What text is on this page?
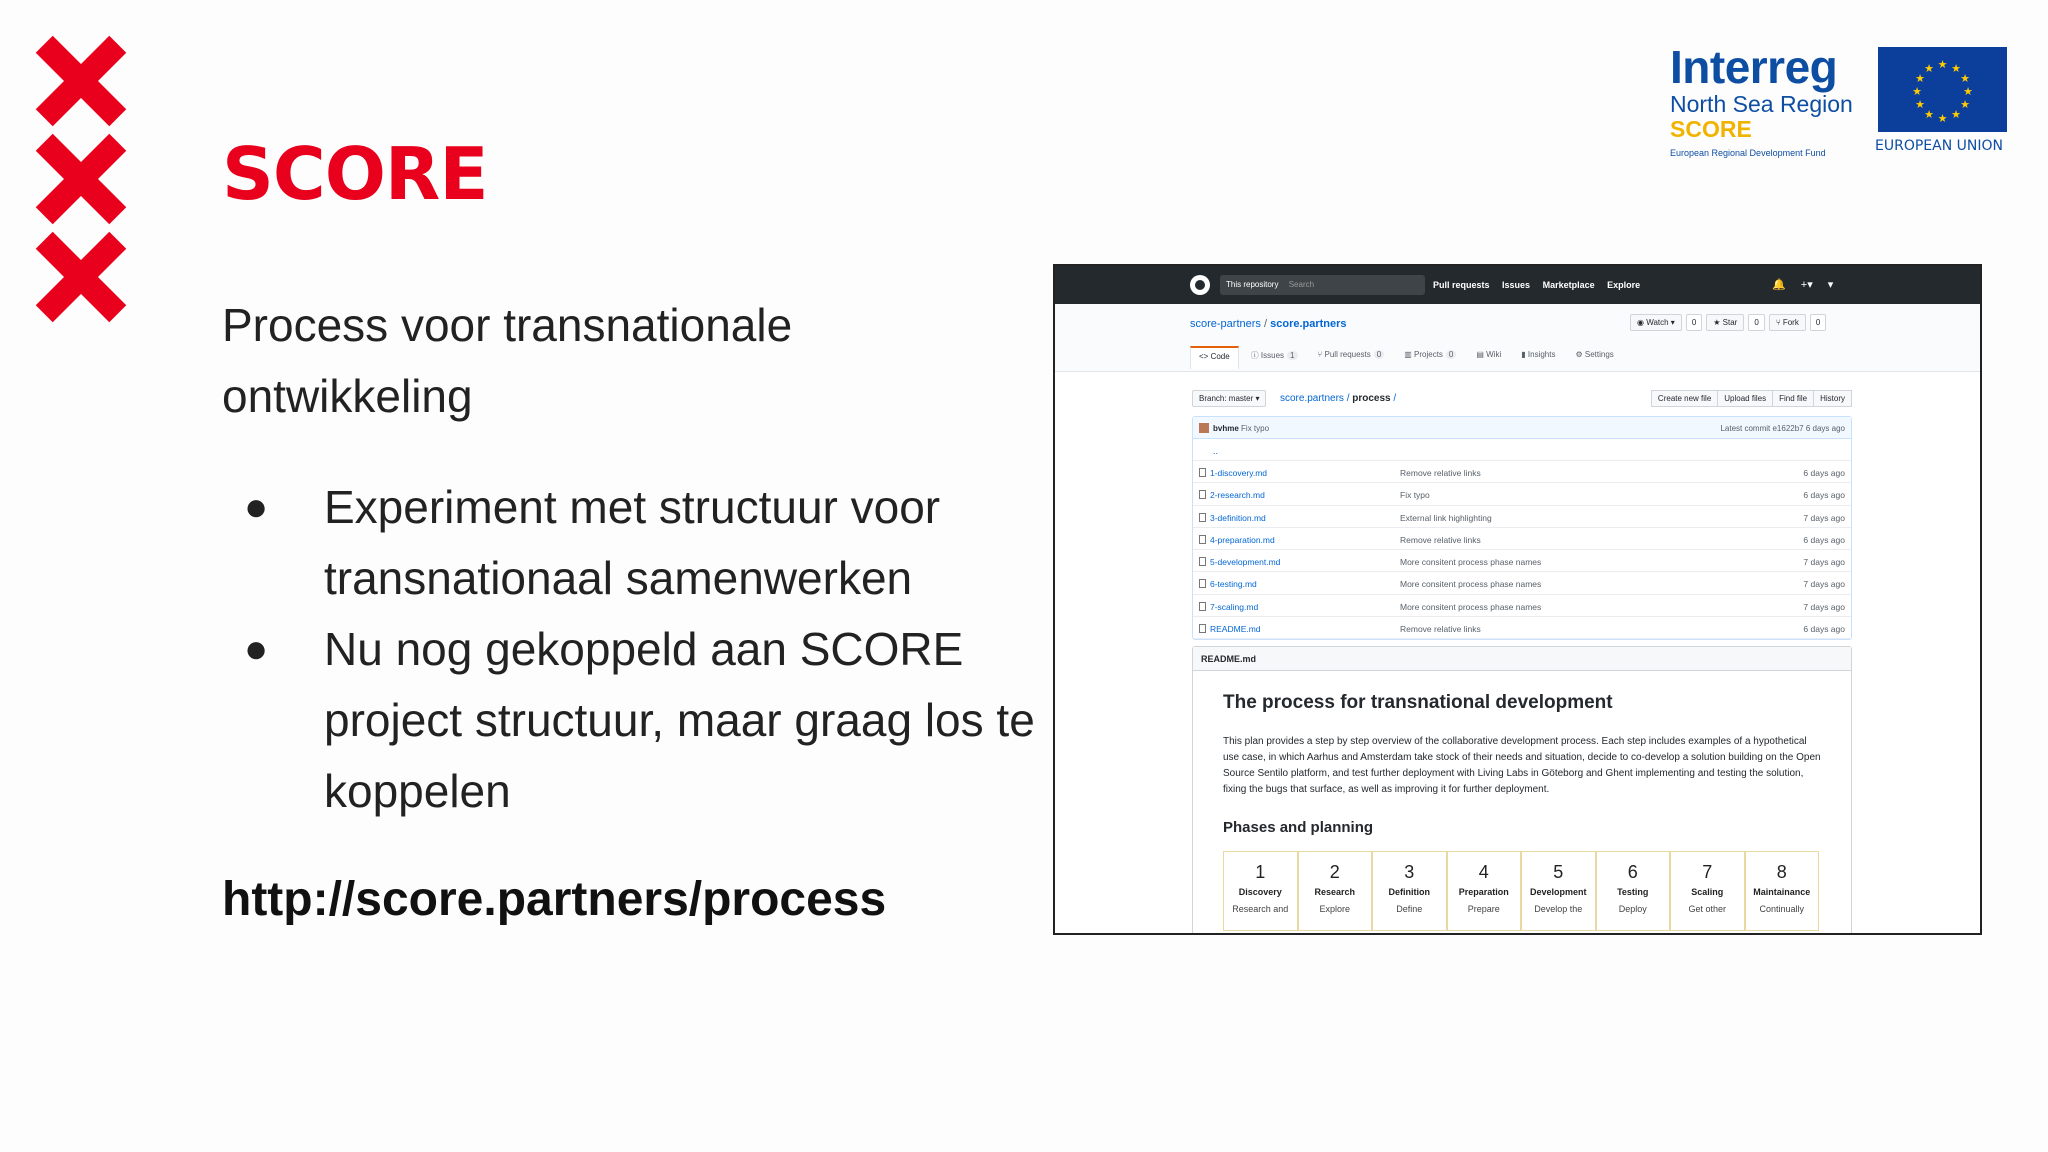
SCORE
Process voor transnationale ontwikkeling
● Experiment met structuur voor transnationaal samenwerken
● Nu nog gekoppeld aan SCORE project structuur, maar graag los te koppelen
http://score.partners/process
Interreg
North Sea Region
SCORE
European Regional Development Fund
★ ★
★
★
★
★
★
★
★
★
★
★
EUROPEAN UNION
This repository Search	Pull requests Issues Marketplace Explore	🔔 +▾ ▾
score-partners / score.partners	◉ Watch ▾	0	★ Star	0	⑂ Fork	0
<> Code	ⓘ Issues 1	⑂ Pull requests 0	▥ Projects 0	▤ Wiki	▮ Insights	⚙ Settings
Branch: master ▾	score.partners / process /	Create new file	Upload files	Find file	History
bvhme Fix typo	Latest commit e1622b7 6 days ago
..
1-discovery.md	Remove relative links	6 days ago
2-research.md	Fix typo	6 days ago
3-definition.md	External link highlighting	7 days ago
4-preparation.md	Remove relative links	6 days ago
5-development.md	More consitent process phase names	7 days ago
6-testing.md	More consitent process phase names	7 days ago
7-scaling.md	More consitent process phase names	7 days ago
README.md	Remove relative links	6 days ago
README.md
The process for transnational development
This plan provides a step by step overview of the collaborative development process. Each step includes examples of a hypothetical use case, in which Aarhus and Amsterdam take stock of their needs and situation, decide to co-develop a solution building on the Open Source Sentilo platform, and test further deployment with Living Labs in Göteborg and Ghent implementing and testing the solution, fixing the bugs that surface, as well as improving it for further deployment.
Phases and planning
1
Discovery
Research and
2
Research
Explore
3
Definition
Define
4
Preparation
Prepare
5
Development
Develop the
6
Testing
Deploy
7
Scaling
Get other
8
Maintainance
Continually
